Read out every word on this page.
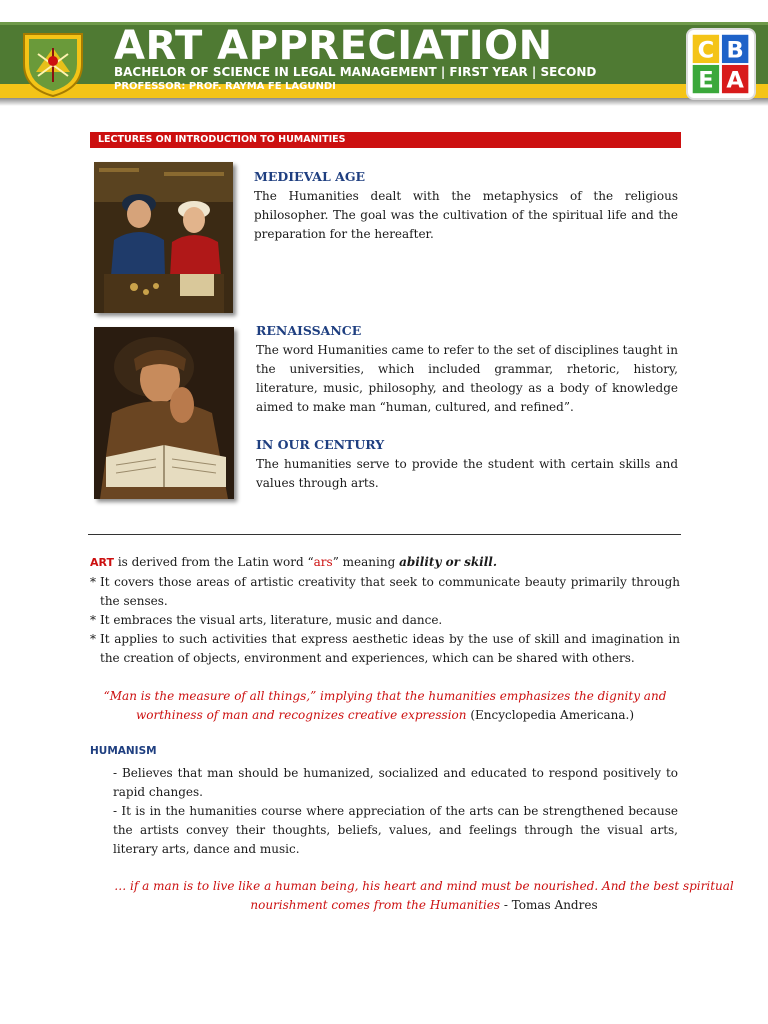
ART APPRECIATION
BACHELOR OF SCIENCE IN LEGAL MANAGEMENT | FIRST YEAR | SECOND
PROFESSOR: PROF. RAYMA FE LAGUNDI
C B
E A
LECTURES ON INTRODUCTION TO HUMANITIES
MEDIEVAL AGE
The Humanities dealt with the metaphysics of the religious philosopher. The goal was the cultivation of the spiritual life and the preparation for the hereafter.
RENAISSANCE
The word Humanities came to refer to the set of disciplines taught in the universities, which included grammar, rhetoric, history, literature, music, philosophy, and theology as a body of knowledge aimed to make man “human, cultured, and refined”.
IN OUR CENTURY
The humanities serve to provide the student with certain skills and values through arts.
ART is derived from the Latin word “ars” meaning ability or skill.
* It covers those areas of artistic creativity that seek to communicate beauty primarily through the senses.
* It embraces the visual arts, literature, music and dance.
* It applies to such activities that express aesthetic ideas by the use of skill and imagination in the creation of objects, environment and experiences, which can be shared with others.
“Man is the measure of all things,” implying that the humanities emphasizes the dignity and worthiness of man and recognizes creative expression (Encyclopedia Americana.)
HUMANISM
- Believes that man should be humanized, socialized and educated to respond positively to rapid changes.
- It is in the humanities course where appreciation of the arts can be strengthened because the artists convey their thoughts, beliefs, values, and feelings through the visual arts, literary arts, dance and music.
… if a man is to live like a human being, his heart and mind must be nourished. And the best spiritual nourishment comes from the Humanities - Tomas Andres
